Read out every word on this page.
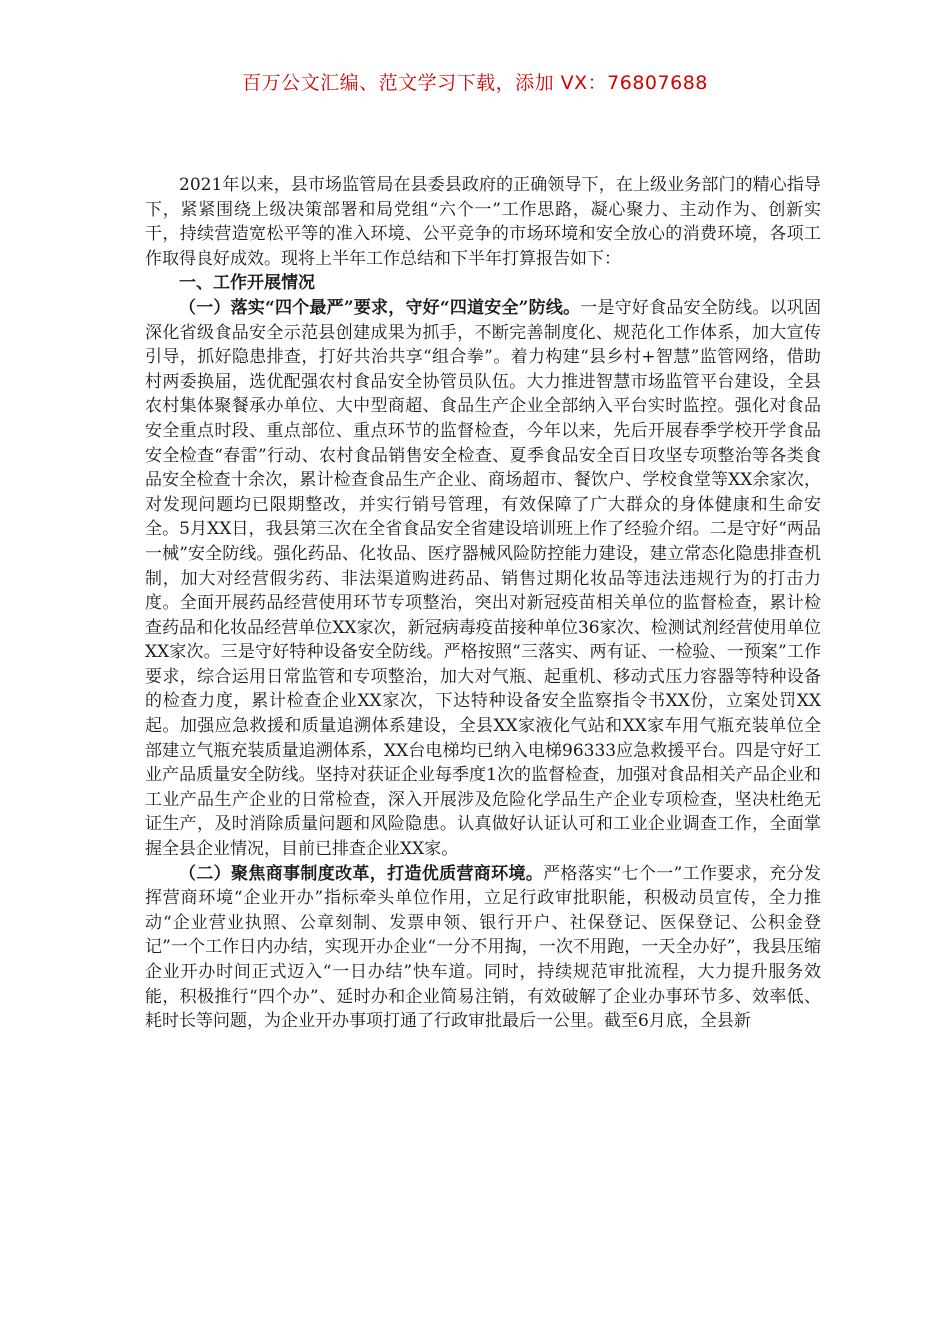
百万公文汇编、范文学习下载，添加 VX：76807688

2021年以来，县市场监管局在县委县政府的正确领导下，在上级业务部门的精心指导下，紧紧围绕上级决策部署和局党组“六个一”工作思路，凝心聚力、主动作为、创新实干，持续营造宽松平等的准入环境、公平竞争的市场环境和安全放心的消费环境，各项工作取得良好成效。现将上半年工作总结和下半年打算报告如下：

一、工作开展情况

（一）落实“四个最严”要求，守好“四道安全”防线。一是守好食品安全防线。以巩固深化省级食品安全示范县创建成果为抓手，不断完善制度化、规范化工作体系，加大宣传引导，抓好隐患排查，打好共治共享“组合拳”。着力构建“县乡村+智慧”监管网络，借助村两委换届，选优配强农村食品安全协管员队伍。大力推进智慧市场监管平台建设，全县农村集体聚餐承办单位、大中型商超、食品生产企业全部纳入平台实时监控。强化对食品安全重点时段、重点部位、重点环节的监督检查，今年以来，先后开展春季学校开学食品安全检查“春雷”行动、农村食品销售安全检查、夏季食品安全百日攻坚专项整治等各类食品安全检查十余次，累计检查食品生产企业、商场超市、餐饮户、学校食堂等XX余家次，对发现问题均已限期整改，并实行销号管理，有效保障了广大群众的身体健康和生命安全。5月XX日，我县第三次在全省食品安全省建设培训班上作了经验介绍。二是守好“两品一械”安全防线。强化药品、化妆品、医疗器械风险防控能力建设，建立常态化隐患排查机制，加大对经营假劣药、非法渠道购进药品、销售过期化妆品等违法违规行为的打击力度。全面开展药品经营使用环节专项整治，突出对新冠疫苗相关单位的监督检查，累计检查药品和化妆品经营单位XX家次，新冠病毒疫苗接种单位36家次、检测试剂经营使用单位XX家次。三是守好特种设备安全防线。严格按照“三落实、两有证、一检验、一预案”工作要求，综合运用日常监管和专项整治，加大对气瓶、起重机、移动式压力容器等特种设备的检查力度，累计检查企业XX家次，下达特种设备安全监察指令书XX份，立案处罚XX起。加强应急救援和质量追溯体系建设，全县XX家液化气站和XX家车用气瓶充装单位全部建立气瓶充装质量追溯体系，XX台电梯均已纳入电梯96333应急救援平台。四是守好工业产品质量安全防线。坚持对获证企业每季度1次的监督检查，加强对食品相关产品企业和工业产品生产企业的日常检查，深入开展涉及危险化学品生产企业专项检查，坚决杜绝无证生产，及时消除质量问题和风险隐患。认真做好认证认可和工业企业调查工作，全面掌握全县企业情况，目前已排查企业XX家。

（二）聚焦商事制度改革，打造优质营商环境。严格落实“七个一”工作要求，充分发挥营商环境“企业开办”指标牵头单位作用，立足行政审批职能，积极动员宣传，全力推动“企业营业执照、公章刻制、发票申领、银行开户、社保登记、医保登记、公积金登记”一个工作日内办结，实现开办企业“一分不用掏，一次不用跑，一天全办好”，我县压缩企业开办时间正式迈入“一日办结”快车道。同时，持续规范审批流程，大力提升服务效能，积极推行“四个办”、延时办和企业简易注销，有效破解了企业办事环节多、效率低、耗时长等问题，为企业开办事项打通了行政审批最后一公里。截至6月底，全县新
